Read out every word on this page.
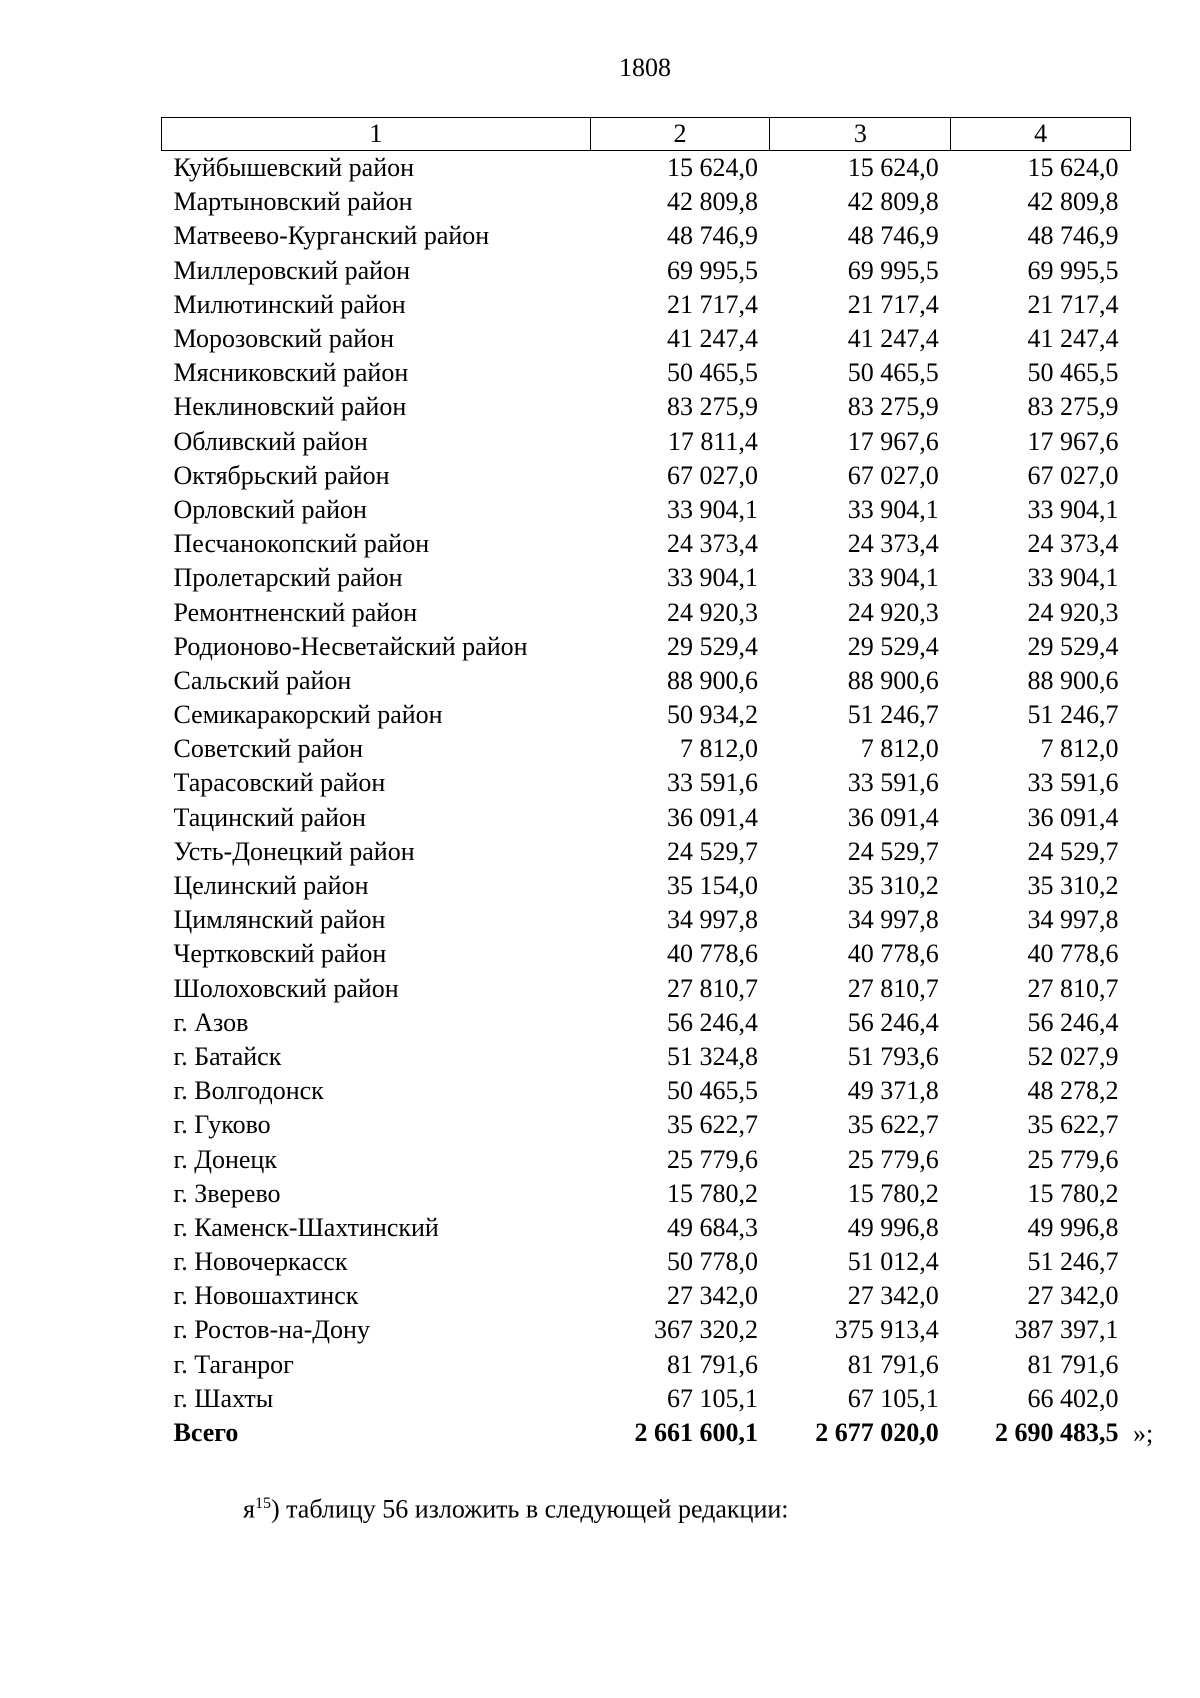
1808
1	2	3	4
Куйбышевский район	15 624,0	15 624,0	15 624,0
Мартыновский район	42 809,8	42 809,8	42 809,8
Матвеево-Курганский район	48 746,9	48 746,9	48 746,9
Миллеровский район	69 995,5	69 995,5	69 995,5
Милютинский район	21 717,4	21 717,4	21 717,4
Морозовский район	41 247,4	41 247,4	41 247,4
Мясниковский район	50 465,5	50 465,5	50 465,5
Неклиновский район	83 275,9	83 275,9	83 275,9
Обливский район	17 811,4	17 967,6	17 967,6
Октябрьский район	67 027,0	67 027,0	67 027,0
Орловский район	33 904,1	33 904,1	33 904,1
Песчанокопский район	24 373,4	24 373,4	24 373,4
Пролетарский район	33 904,1	33 904,1	33 904,1
Ремонтненский район	24 920,3	24 920,3	24 920,3
Родионово-Несветайский район	29 529,4	29 529,4	29 529,4
Сальский район	88 900,6	88 900,6	88 900,6
Семикаракорский район	50 934,2	51 246,7	51 246,7
Советский район	7 812,0	7 812,0	7 812,0
Тарасовский район	33 591,6	33 591,6	33 591,6
Тацинский район	36 091,4	36 091,4	36 091,4
Усть-Донецкий район	24 529,7	24 529,7	24 529,7
Целинский район	35 154,0	35 310,2	35 310,2
Цимлянский район	34 997,8	34 997,8	34 997,8
Чертковский район	40 778,6	40 778,6	40 778,6
Шолоховский район	27 810,7	27 810,7	27 810,7
г. Азов	56 246,4	56 246,4	56 246,4
г. Батайск	51 324,8	51 793,6	52 027,9
г. Волгодонск	50 465,5	49 371,8	48 278,2
г. Гуково	35 622,7	35 622,7	35 622,7
г. Донецк	25 779,6	25 779,6	25 779,6
г. Зверево	15 780,2	15 780,2	15 780,2
г. Каменск-Шахтинский	49 684,3	49 996,8	49 996,8
г. Новочеркасск	50 778,0	51 012,4	51 246,7
г. Новошахтинск	27 342,0	27 342,0	27 342,0
г. Ростов-на-Дону	367 320,2	375 913,4	387 397,1
г. Таганрог	81 791,6	81 791,6	81 791,6
г. Шахты	67 105,1	67 105,1	66 402,0
Всего	2 661 600,1	2 677 020,0	2 690 483,5 »;
$я^{15}$) таблицу 56 изложить в следующей редакции:
